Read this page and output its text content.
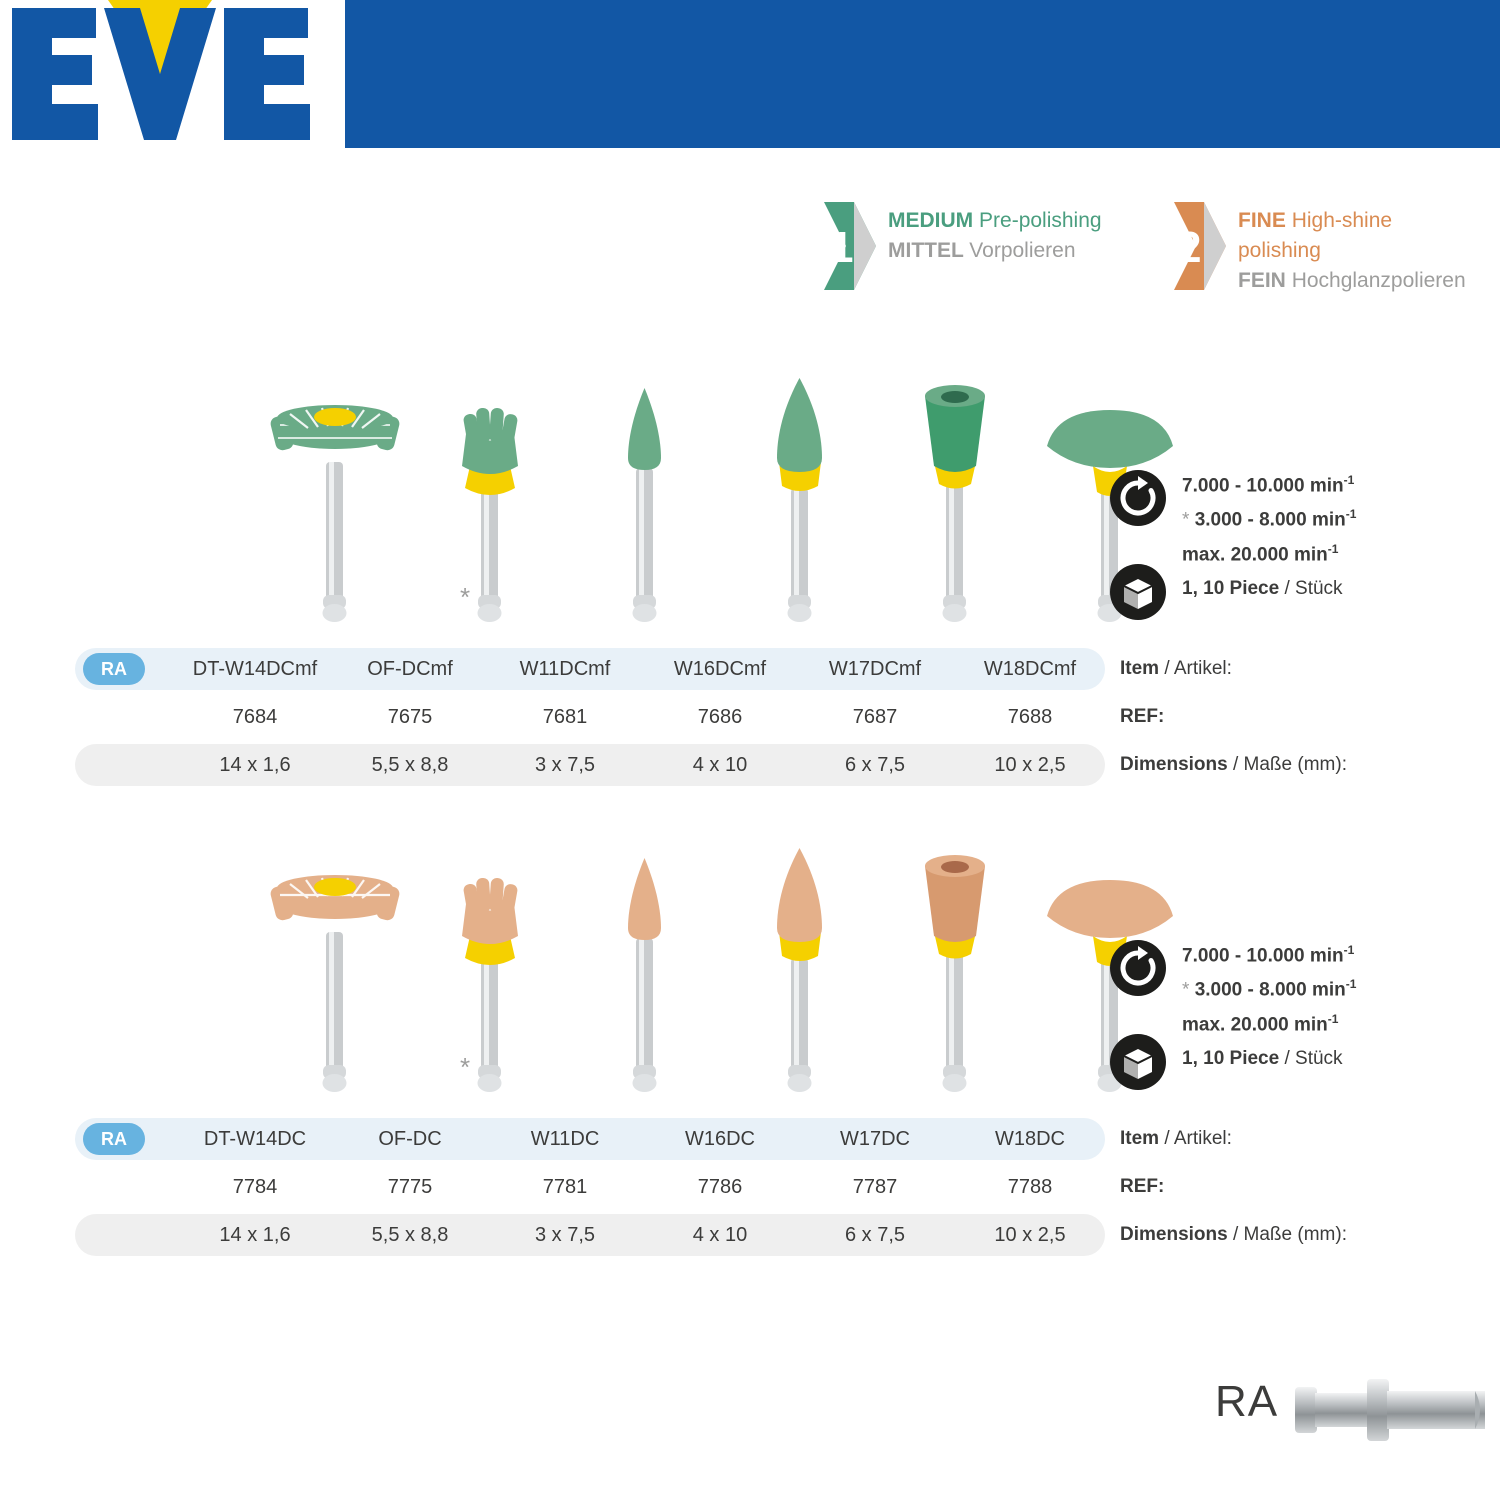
1
MEDIUM Pre-polishing
MITTEL Vorpolieren	2
FINE High-shine polishing
FEIN Hochglanzpolieren
*
7.000 - 10.000 $\min^{-1}$
* 3.000 - 8.000 $\min^{-1}$
max. 20.000 $\min^{-1}$
1, 10 Piece / Stück
RA	DT-W14DCmf	OF-DCmf	W11DCmf	W16DCmf	W17DCmf	W18DCmf	Item / Artikel:
7684	7675	7681	7686	7687	7688	REF:
14 x 1,6	5,5 x 8,8	3 x 7,5	4 x 10	6 x 7,5	10 x 2,5	Dimensions / Maße (mm):
*
7.000 - 10.000 $\min^{-1}$
* 3.000 - 8.000 $\min^{-1}$
max. 20.000 $\min^{-1}$
1, 10 Piece / Stück
RA	DT-W14DC	OF-DC	W11DC	W16DC	W17DC	W18DC	Item / Artikel:
7784	7775	7781	7786	7787	7788	REF:
14 x 1,6	5,5 x 8,8	3 x 7,5	4 x 10	6 x 7,5	10 x 2,5	Dimensions / Maße (mm):
RA
